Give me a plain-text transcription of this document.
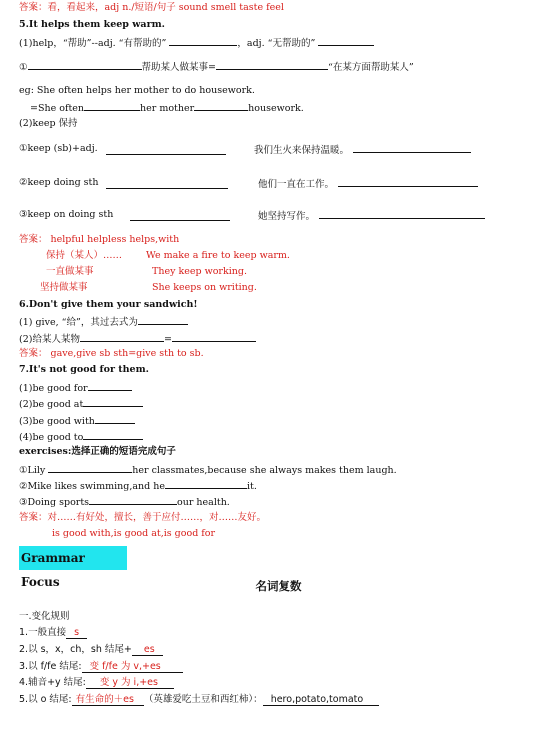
答案：看，看起来，adj n./短语/句子 sound smell taste feel
5.It helps them keep warm.
(1)help，“帮助”--adj. “有帮助的”	，adj. “无帮助的”
①	帮助某人做某事=	“在某方面帮助某人”
eg: She often helps her mother to do housework.
=She often	her mother	housework.
(2)keep 保持
①keep (sb)+adj.	我们生火来保持温暖。
②keep doing sth	他们一直在工作。
③keep on doing sth	她坚持写作。
答案： helpful helpless helps,with
保持（某人）……	We make a fire to keep warm.
一直做某事	They keep working.
坚持做某事	She keeps on writing.
6.Don't give them your sandwich!
(1) give, “给”，其过去式为
(2)给某人某物	=
答案： gave,give sb sth=give sth to sb.
7.It's not good for them.
(1)be good for
(2)be good at
(3)be good with
(4)be good to
exercises:选择正确的短语完成句子
①Lily	her classmates,because she always makes them laugh.
②Mike likes swimming,and he	it.
③Doing sports	our health.
答案：对……有好处，擅长，善于应付……，对……友好。
is good with,is good at,is good for
Grammar Focus	名词复数
一.变化规则
1.一般直接 s
2.以 s，x，ch，sh 结尾+ es
3.以 f/fe 结尾: 变 f/fe 为 v,+es
4.辅音+y 结尾: 变 y 为 i,+es
5.以 o 结尾: 有生命的＋es （英雄爱吃土豆和西红柿）： hero,potato,tomato
